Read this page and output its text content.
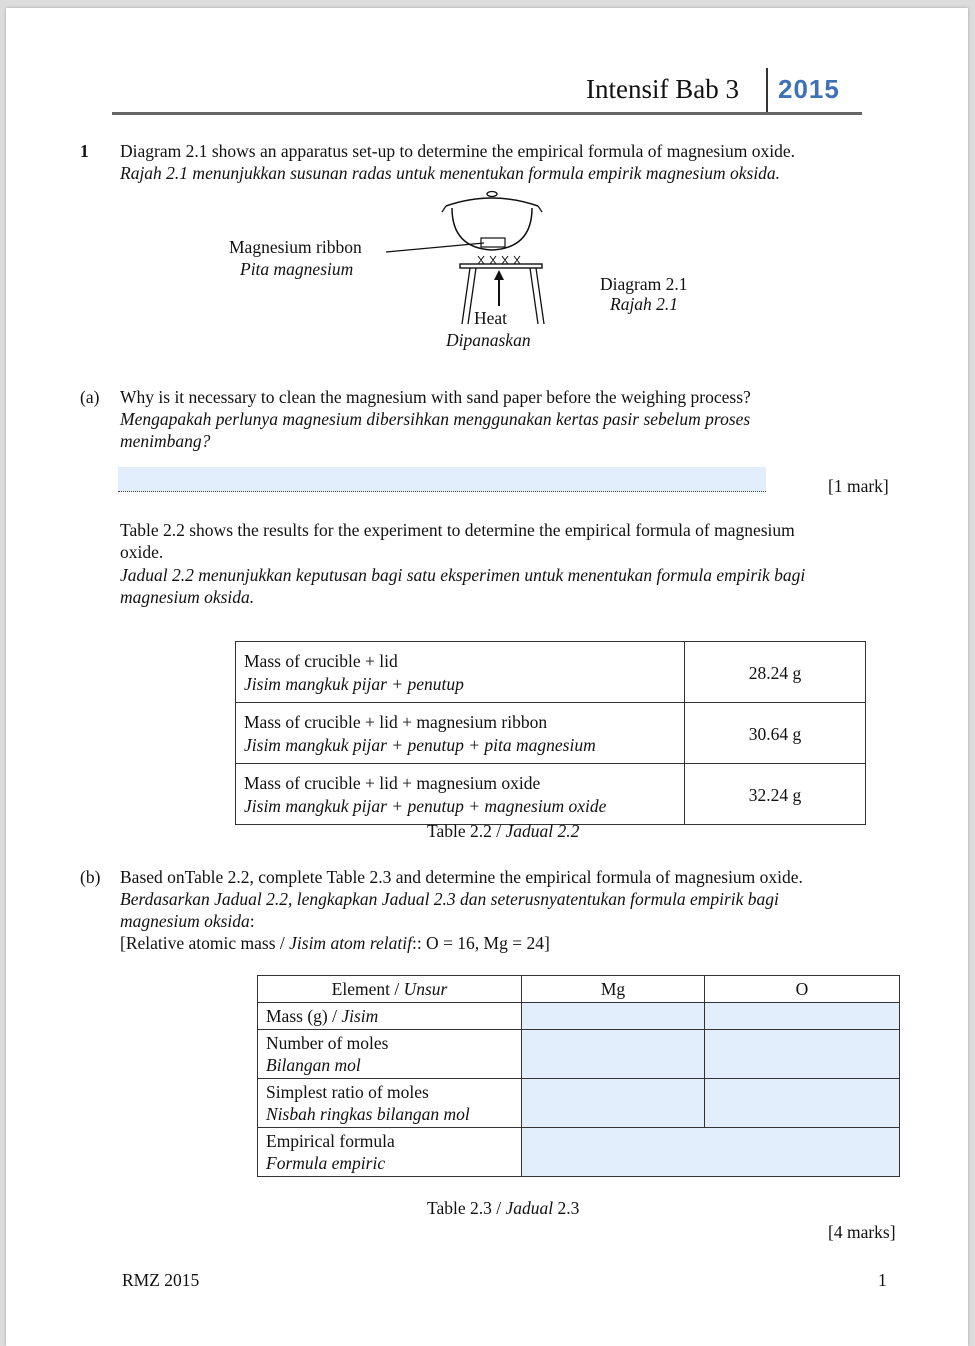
Intensif Bab 3 2015
1 Diagram 2.1 shows an apparatus set-up to determine the empirical formula of magnesium oxide.
Rajah 2.1 menunjukkan susunan radas untuk menentukan formula empirik magnesium oksida.
Magnesium ribbon
Pita magnesium
Heat
Dipanaskan
Diagram 2.1
Rajah 2.1
(a) Why is it necessary to clean the magnesium with sand paper before the weighing process?
Mengapakah perlunya magnesium dibersihkan menggunakan kertas pasir sebelum proses
menimbang?
[1 mark]
Table 2.2 shows the results for the experiment to determine the empirical formula of magnesium
oxide.
Jadual 2.2 menunjukkan keputusan bagi satu eksperimen untuk menentukan formula empirik bagi
magnesium oksida.
Mass of crucible + lid
Jisim mangkuk pijar + penutup	28.24 g

Mass of crucible + lid + magnesium ribbon
Jisim mangkuk pijar + penutup + pita magnesium	30.64 g

Mass of crucible + lid + magnesium oxide
Jisim mangkuk pijar + penutup + magnesium oxide	32.24 g
Table 2.2 / Jadual 2.2
(b) Based onTable 2.2, complete Table 2.3 and determine the empirical formula of magnesium oxide.
Berdasarkan Jadual 2.2, lengkapkan Jadual 2.3 dan seterusnyatentukan formula empirik bagi
magnesium oksida:
[Relative atomic mass / Jisim atom relatif:: O = 16, Mg = 24]
Element / Unsur	Mg	O
Mass (g) / Jisim		

Number of moles
Bilangan mol		

Simplest ratio of moles
Nisbah ringkas bilangan mol		

Empirical formula
Formula empiric		

Table 2.3 / Jadual 2.3
[4 marks]
RMZ 2015	1
